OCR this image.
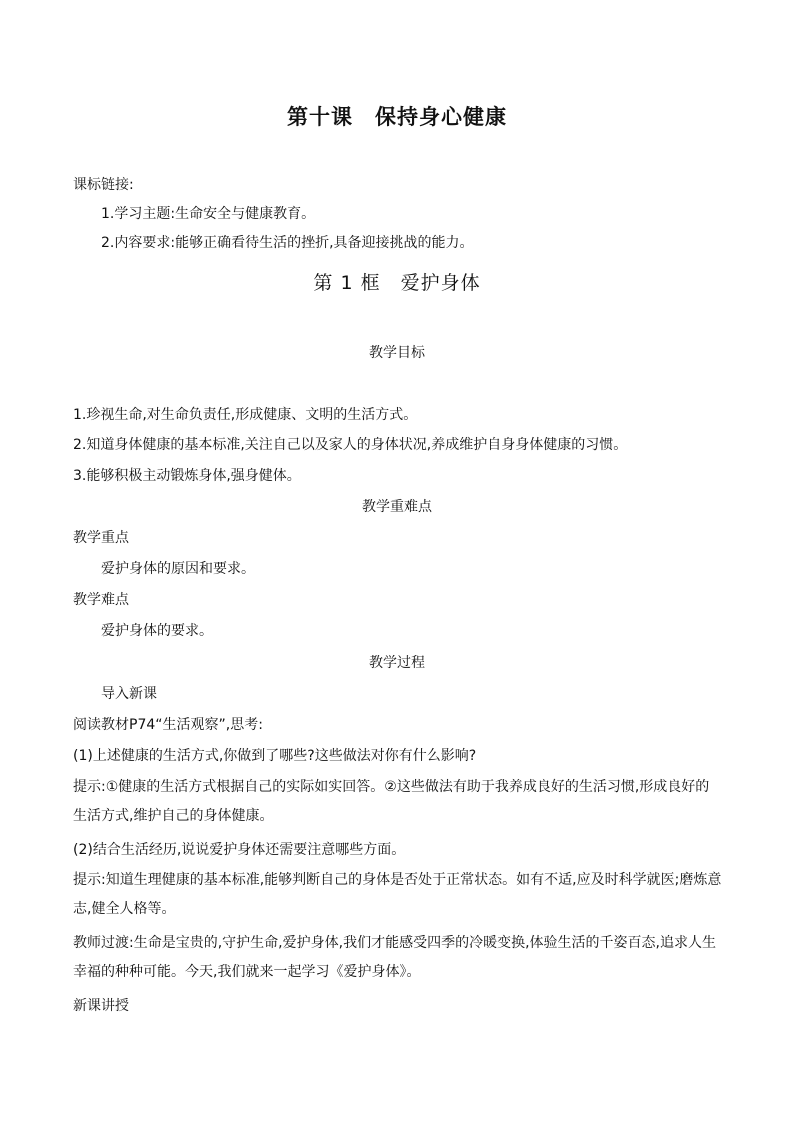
第十课　保持身心健康
课标链接:
1.学习主题:生命安全与健康教育。
2.内容要求:能够正确看待生活的挫折,具备迎接挑战的能力。
第 1 框　爱护身体
教学目标
1.珍视生命,对生命负责任,形成健康、文明的生活方式。
2.知道身体健康的基本标准,关注自己以及家人的身体状况,养成维护自身身体健康的习惯。
3.能够积极主动锻炼身体,强身健体。
教学重难点
教学重点
爱护身体的原因和要求。
教学难点
爱护身体的要求。
教学过程
导入新课
阅读教材P74“生活观察”,思考:
(1)上述健康的生活方式,你做到了哪些?这些做法对你有什么影响?
提示:①健康的生活方式根据自己的实际如实回答。②这些做法有助于我养成良好的生活习惯,形成良好的生活方式,维护自己的身体健康。
(2)结合生活经历,说说爱护身体还需要注意哪些方面。
提示:知道生理健康的基本标准,能够判断自己的身体是否处于正常状态。如有不适,应及时科学就医;磨炼意志,健全人格等。
教师过渡:生命是宝贵的,守护生命,爱护身体,我们才能感受四季的冷暖变换,体验生活的千姿百态,追求人生幸福的种种可能。今天,我们就来一起学习《爱护身体》。
新课讲授
